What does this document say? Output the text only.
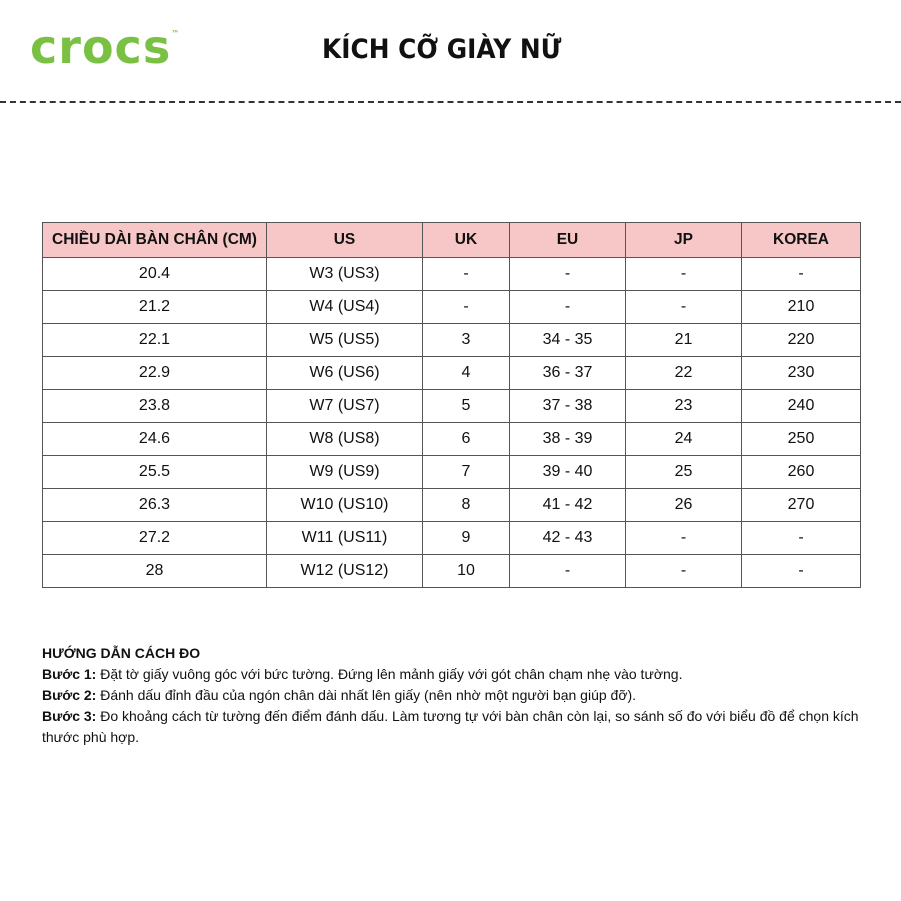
crocs™
KÍCH CỠ GIÀY NỮ
CHIỀU DÀI BÀN CHÂN (CM)	US	UK	EU	JP	KOREA
20.4	W3 (US3)	-	-	-	-
21.2	W4 (US4)	-	-	-	210
22.1	W5 (US5)	3	34 - 35	21	220
22.9	W6 (US6)	4	36 - 37	22	230
23.8	W7 (US7)	5	37 - 38	23	240
24.6	W8 (US8)	6	38 - 39	24	250
25.5	W9 (US9)	7	39 - 40	25	260
26.3	W10 (US10)	8	41 - 42	26	270
27.2	W11 (US11)	9	42 - 43	-	-
28	W12 (US12)	10	-	-	-
HƯỚNG DẪN CÁCH ĐO
Bước 1: Đặt tờ giấy vuông góc với bức tường. Đứng lên mảnh giấy với gót chân chạm nhẹ vào tường.
Bước 2: Đánh dấu đỉnh đầu của ngón chân dài nhất lên giấy (nên nhờ một người bạn giúp đỡ).
Bước 3: Đo khoảng cách từ tường đến điểm đánh dấu. Làm tương tự với bàn chân còn lại, so sánh số đo với biểu đồ để chọn kích thước phù hợp.
